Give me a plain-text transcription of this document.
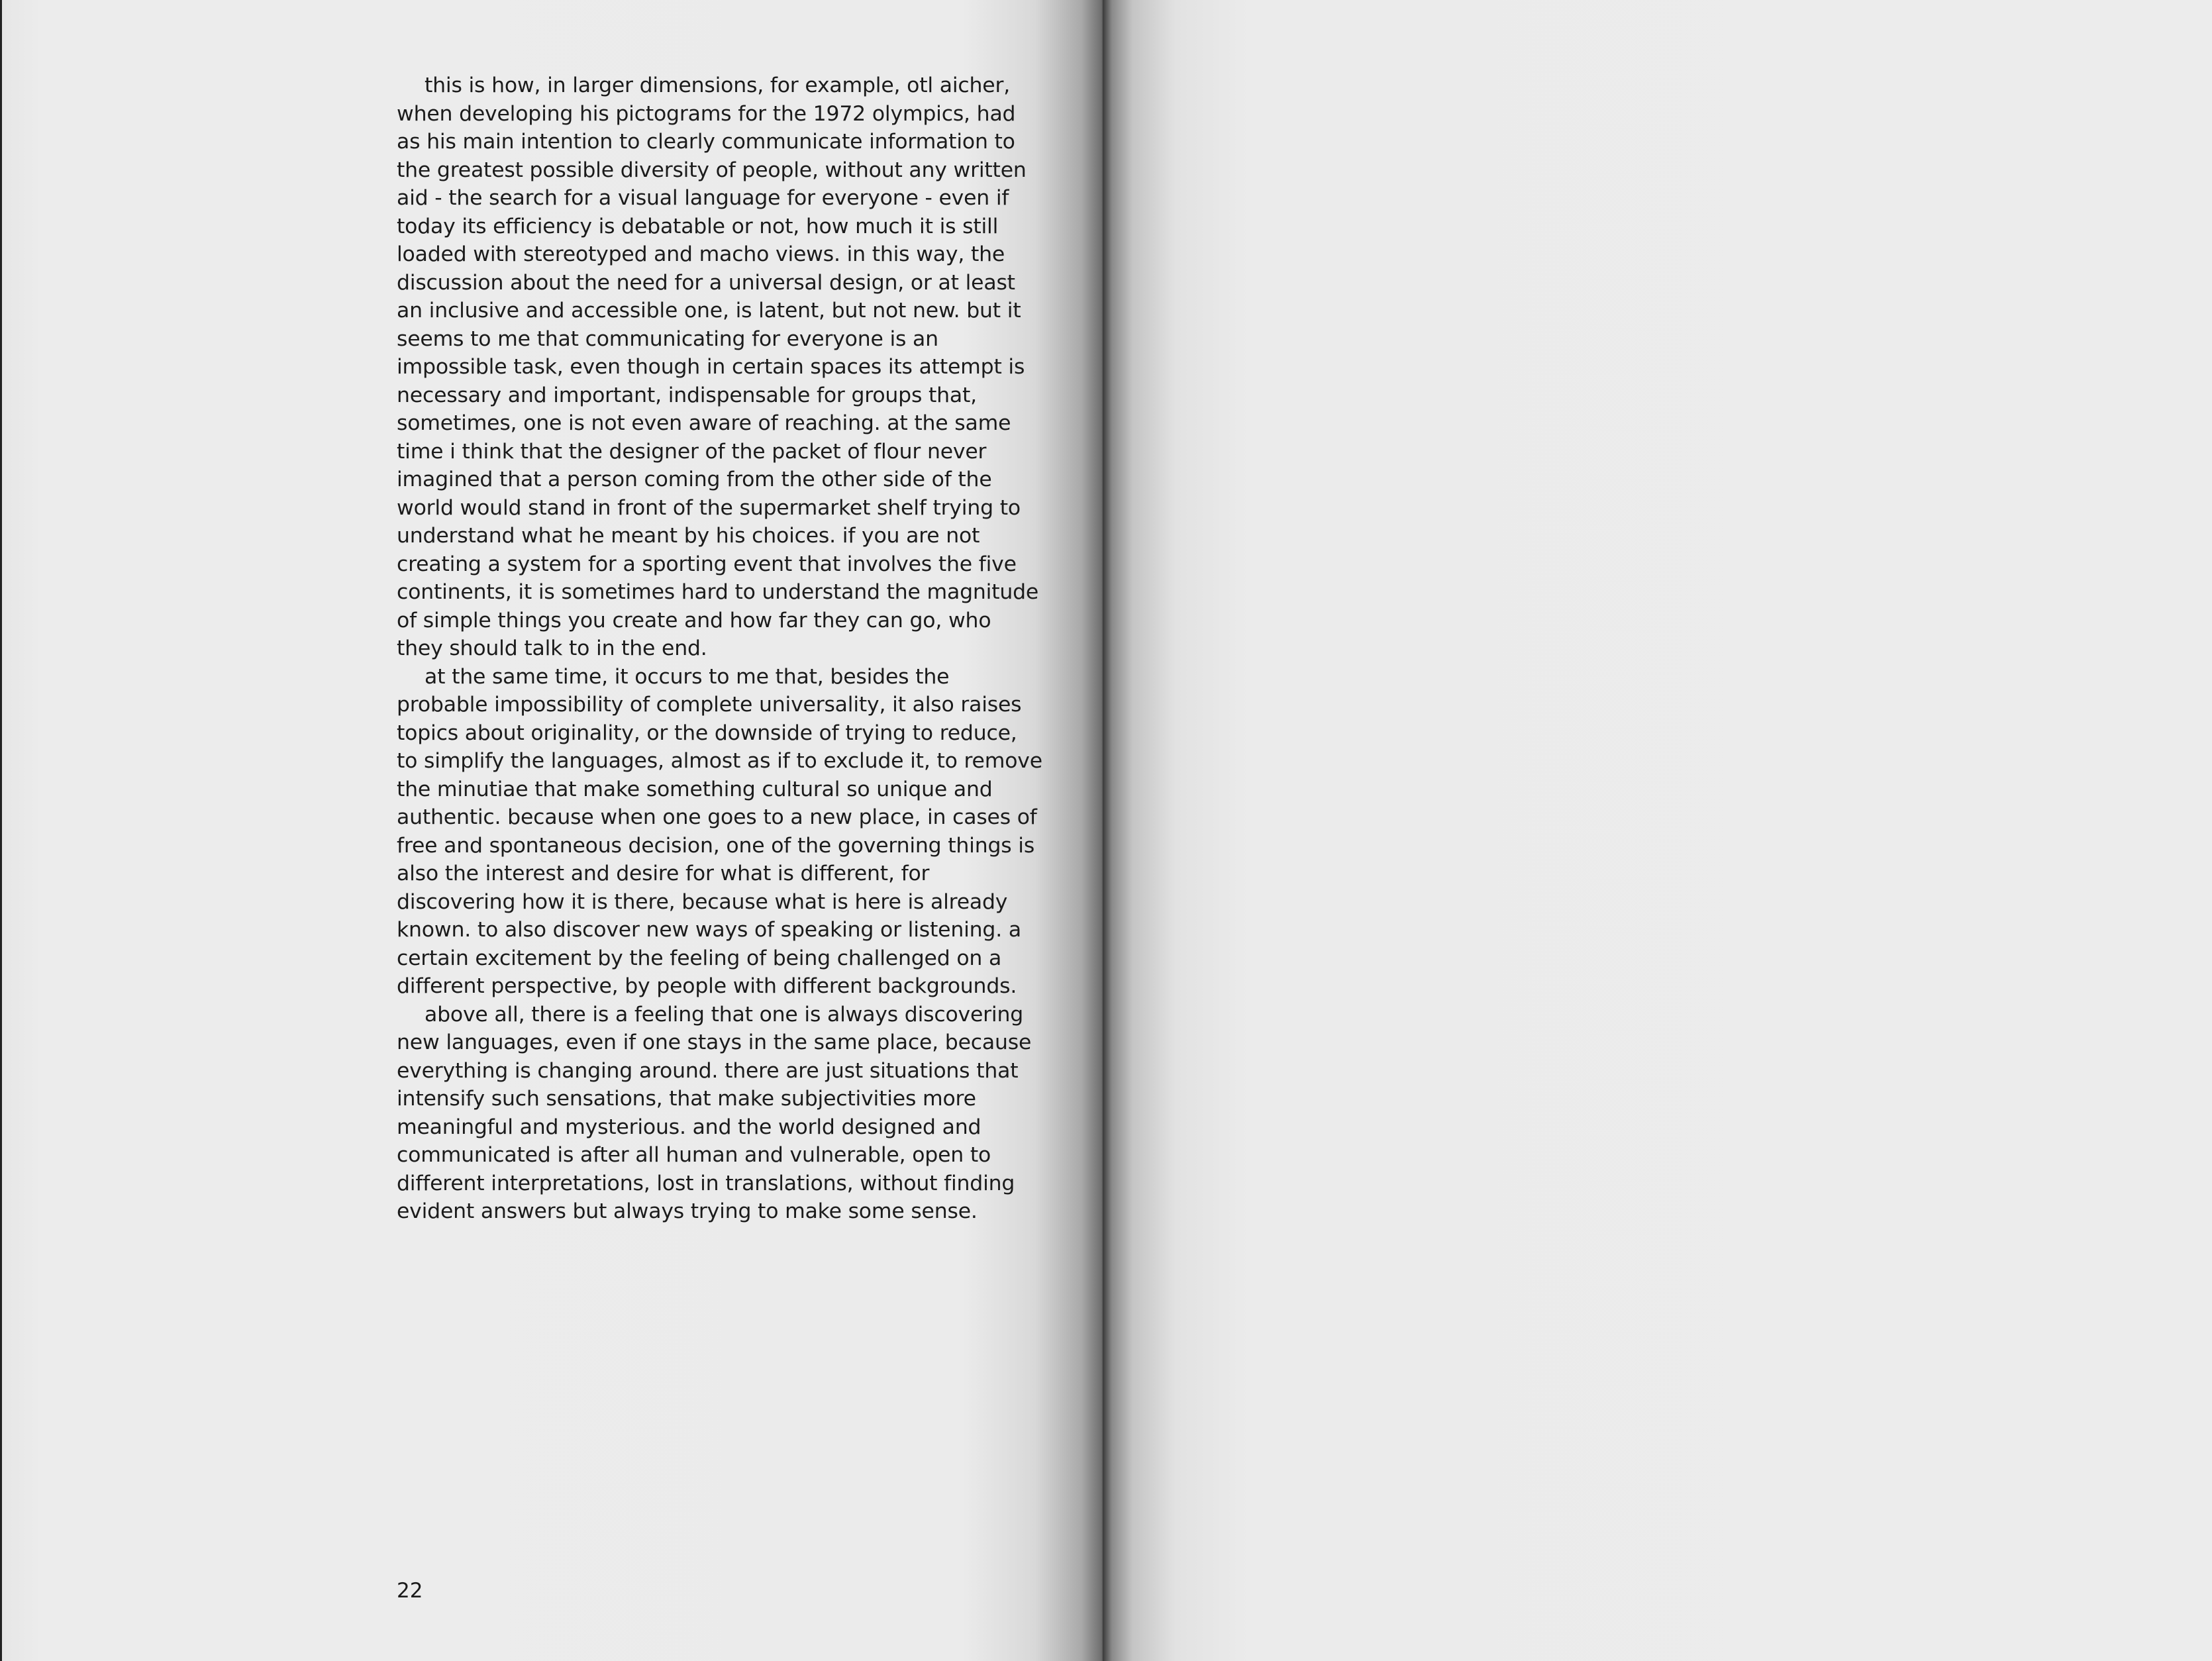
this is how, in larger dimensions, for example, otl aicher, when developing his pictograms for the 1972 olympics, had as his main intention to clearly communicate information to the greatest possible diversity of people, without any written aid - the search for a visual language for everyone - even if today its efficiency is debatable or not, how much it is still loaded with stereotyped and macho views. in this way, the discussion about the need for a universal design, or at least an inclusive and accessible one, is latent, but not new. but it seems to me that communicating for everyone is an impossible task, even though in certain spaces its attempt is necessary and important, indispensable for groups that, sometimes, one is not even aware of reaching. at the same time i think that the designer of the packet of flour never imagined that a person coming from the other side of the world would stand in front of the supermarket shelf trying to understand what he meant by his choices. if you are not creating a system for a sporting event that involves the five continents, it is sometimes hard to understand the magnitude of simple things you create and how far they can go, who they should talk to in the end.

at the same time, it occurs to me that, besides the probable impossibility of complete universality, it also raises topics about originality, or the downside of trying to reduce, to simplify the languages, almost as if to exclude it, to remove the minutiae that make something cultural so unique and authentic. because when one goes to a new place, in cases of free and spontaneous decision, one of the governing things is also the interest and desire for what is different, for discovering how it is there, because what is here is already known. to also discover new ways of speaking or listening. a certain excitement by the feeling of being challenged on a different perspective, by people with different backgrounds.

above all, there is a feeling that one is always discovering new languages, even if one stays in the same place, because everything is changing around. there are just situations that intensify such sensations, that make subjectivities more meaningful and mysterious. and the world designed and communicated is after all human and vulnerable, open to different interpretations, lost in translations, without finding evident answers but always trying to make some sense.

22
